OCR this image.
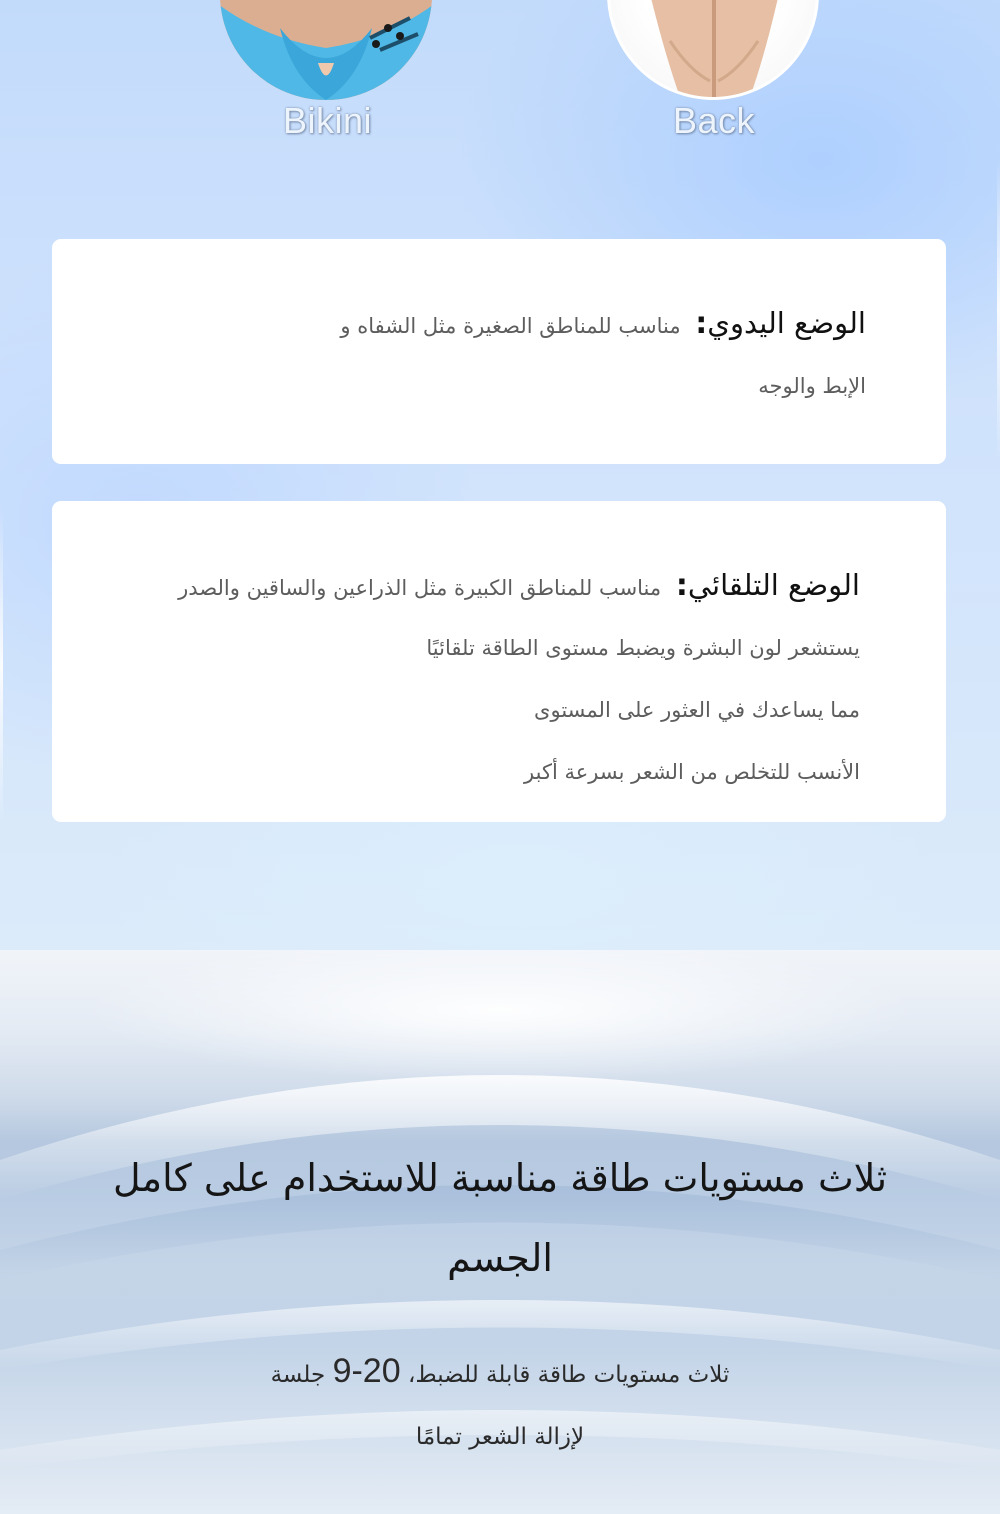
Bikini	Back
الوضع اليدوي: مناسب للمناطق الصغيرة مثل الشفاه و
الإبط والوجه
الوضع التلقائي: مناسب للمناطق الكبيرة مثل الذراعين والساقين والصدر
يستشعر لون البشرة ويضبط مستوى الطاقة تلقائيًا
مما يساعدك في العثور على المستوى
الأنسب للتخلص من الشعر بسرعة أكبر
ثلاث مستويات طاقة مناسبة للاستخدام على كامل
الجسم
ثلاث مستويات طاقة قابلة للضبط، 9-20 جلسة
لإزالة الشعر تمامًا
